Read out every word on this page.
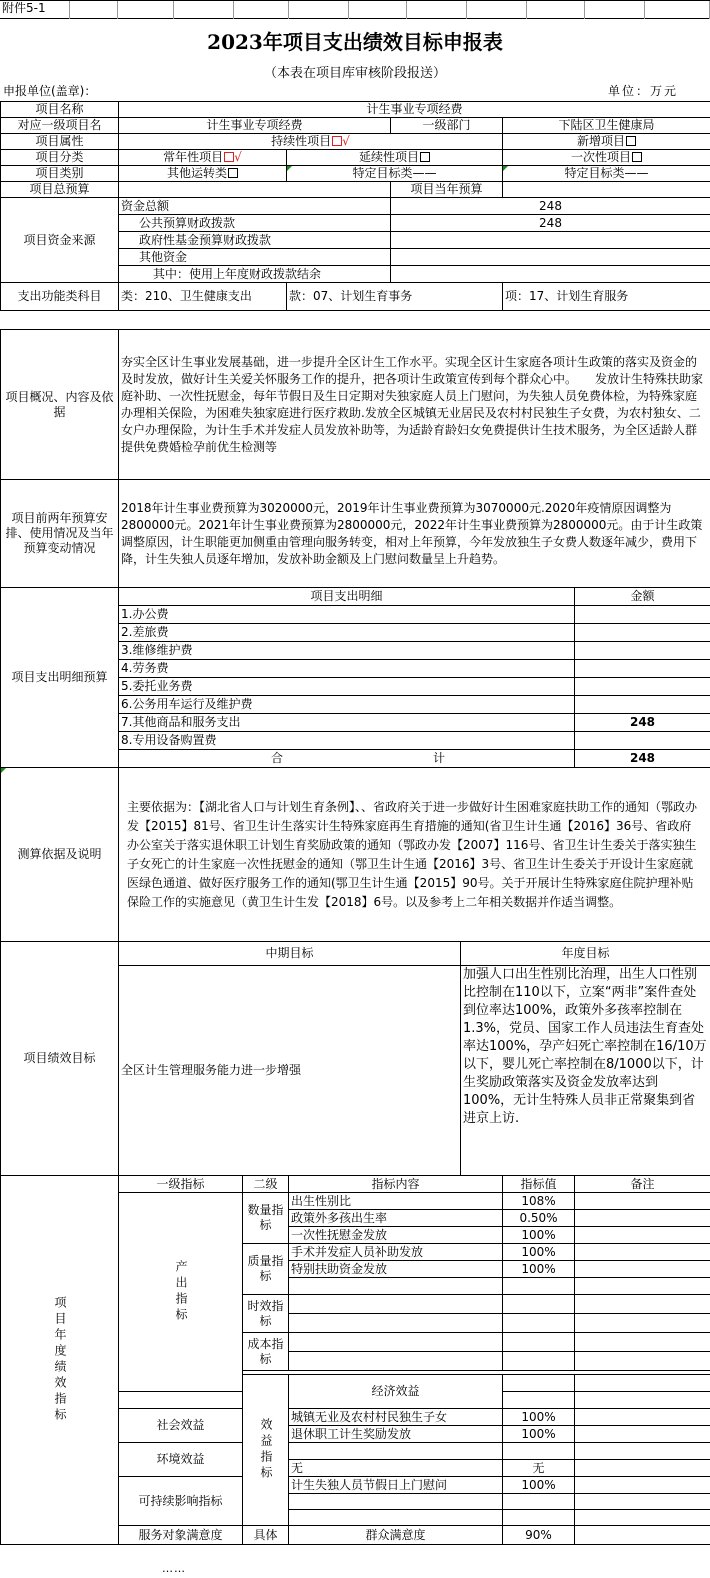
附件5-1
2023年项目支出绩效目标申报表
（本表在项目库审核阶段报送）
申报单位(盖章)：	单位：万元
项目名称	计生事业专项经费			
对应一级项目名	计生事业专项经费		一级部门	下陆区卫生健康局
项目属性	持续性项目 √			新增项目
项目分类	常年性项目 √	延续性项目		一次性项目
项目类别	其他运转类	特定目标类——		特定目标类——
项目总预算			项目当年预算	
项目资金来源	资金总额		248	
	公共预算财政拨款		248	
	政府性基金预算财政拨款			
	其他资金			
	其中：使用上年度财政拨款结余			
支出功能类科目	类：210、卫生健康支出	款：07、计划生育事务		项：17、计划生育服务
项目概况、内容及依据	夯实全区计生事业发展基础，进一步提升全区计生工作水平。实现全区计生家庭各项计生政策的落实及资金的及时发放，做好计生关爱关怀服务工作的提升，把各项计生政策宣传到每个群众心中。　　发放计生特殊扶助家庭补助、一次性抚慰金，每年节假日及生日定期对失独家庭人员上门慰问，为失独人员免费体检，为特殊家庭办理相关保险，为困难失独家庭进行医疗救助.发放全区城镇无业居民及农村村民独生子女费，为农村独女、二女户办理保险，为计生手术并发症人员发放补助等，为适龄育龄妇女免费提供计生技术服务，为全区适龄人群提供免费婚检孕前优生检测等
项目前两年预算安排、使用情况及当年预算变动情况	2018年计生事业费预算为3020000元，2019年计生事业费预算为3070000元.2020年疫情原因调整为2800000元。2021年计生事业费预算为2800000元，2022年计生事业费预算为2800000元。由于计生政策调整原因，计生职能更加侧重由管理向服务转变，相对上年预算，今年发放独生子女费人数逐年减少，费用下降，计生失独人员逐年增加，发放补助金额及上门慰问数量呈上升趋势。
项目支出明细预算	项目支出明细	金额
	1.办公费	
	2.差旅费	
	3.维修维护费	
	4.劳务费	
	5.委托业务费	
	6.公务用车运行及维护费	
	7.其他商品和服务支出	248
	8.专用设备购置费	
	合 计	248
测算依据及说明	主要依据为：【湖北省人口与计划生育条例】、、省政府关于进一步做好计生困难家庭扶助工作的通知（鄂政办发【2015】81号、省卫生计生落实计生特殊家庭再生育措施的通知(省卫生计生通【2016】36号、省政府办公室关于落实退休职工计划生育奖励政策的通知（鄂政办发【2007】116号、省卫生计生委关于落实独生子女死亡的计生家庭一次性抚慰金的通知（鄂卫生计生通【2016】3号、省卫生计生委关于开设计生家庭就医绿色通道、做好医疗服务工作的通知(鄂卫生计生通【2015】90号。关于开展计生特殊家庭住院护理补贴保险工作的实施意见（黄卫生计生发【2018】6号。以及参考上二年相关数据并作适当调整。
项目绩效目标	中期目标	年度目标
	全区计生管理服务能力进一步增强	加强人口出生性别比治理，出生人口性别比控制在110以下，立案“两非”案件查处到位率达100%，政策外多孩率控制在1.3%，党员、国家工作人员违法生育查处率达100%，孕产妇死亡率控制在16/10万以下，婴儿死亡率控制在8/1000以下，计生奖励政策落实及资金发放率达到100%，无计生特殊人员非正常聚集到省进京上访.
项目年度绩效指标	一级指标	二级	指标内容	指标值	备注	

	产出指标	数量指标	出生性别比	108%		
			政策外多孩出生率	0.50%		
			一次性抚慰金发放	100%		
		质量指标	手术并发症人员补助发放	100%		
			特别扶助资金发放	100%		

		时效指标				

		成本指标				

		效益指标	经济效益			

	社会效益		城镇无业及农村村民独生子女	100%		
			退休职工计生奖励发放	100%		
	环境效益					
			无	无		
	可持续影响指标		计生失独人员节假日上门慰问	100%		

	服务对象满意度	具体	群众满意度	90%		
……
